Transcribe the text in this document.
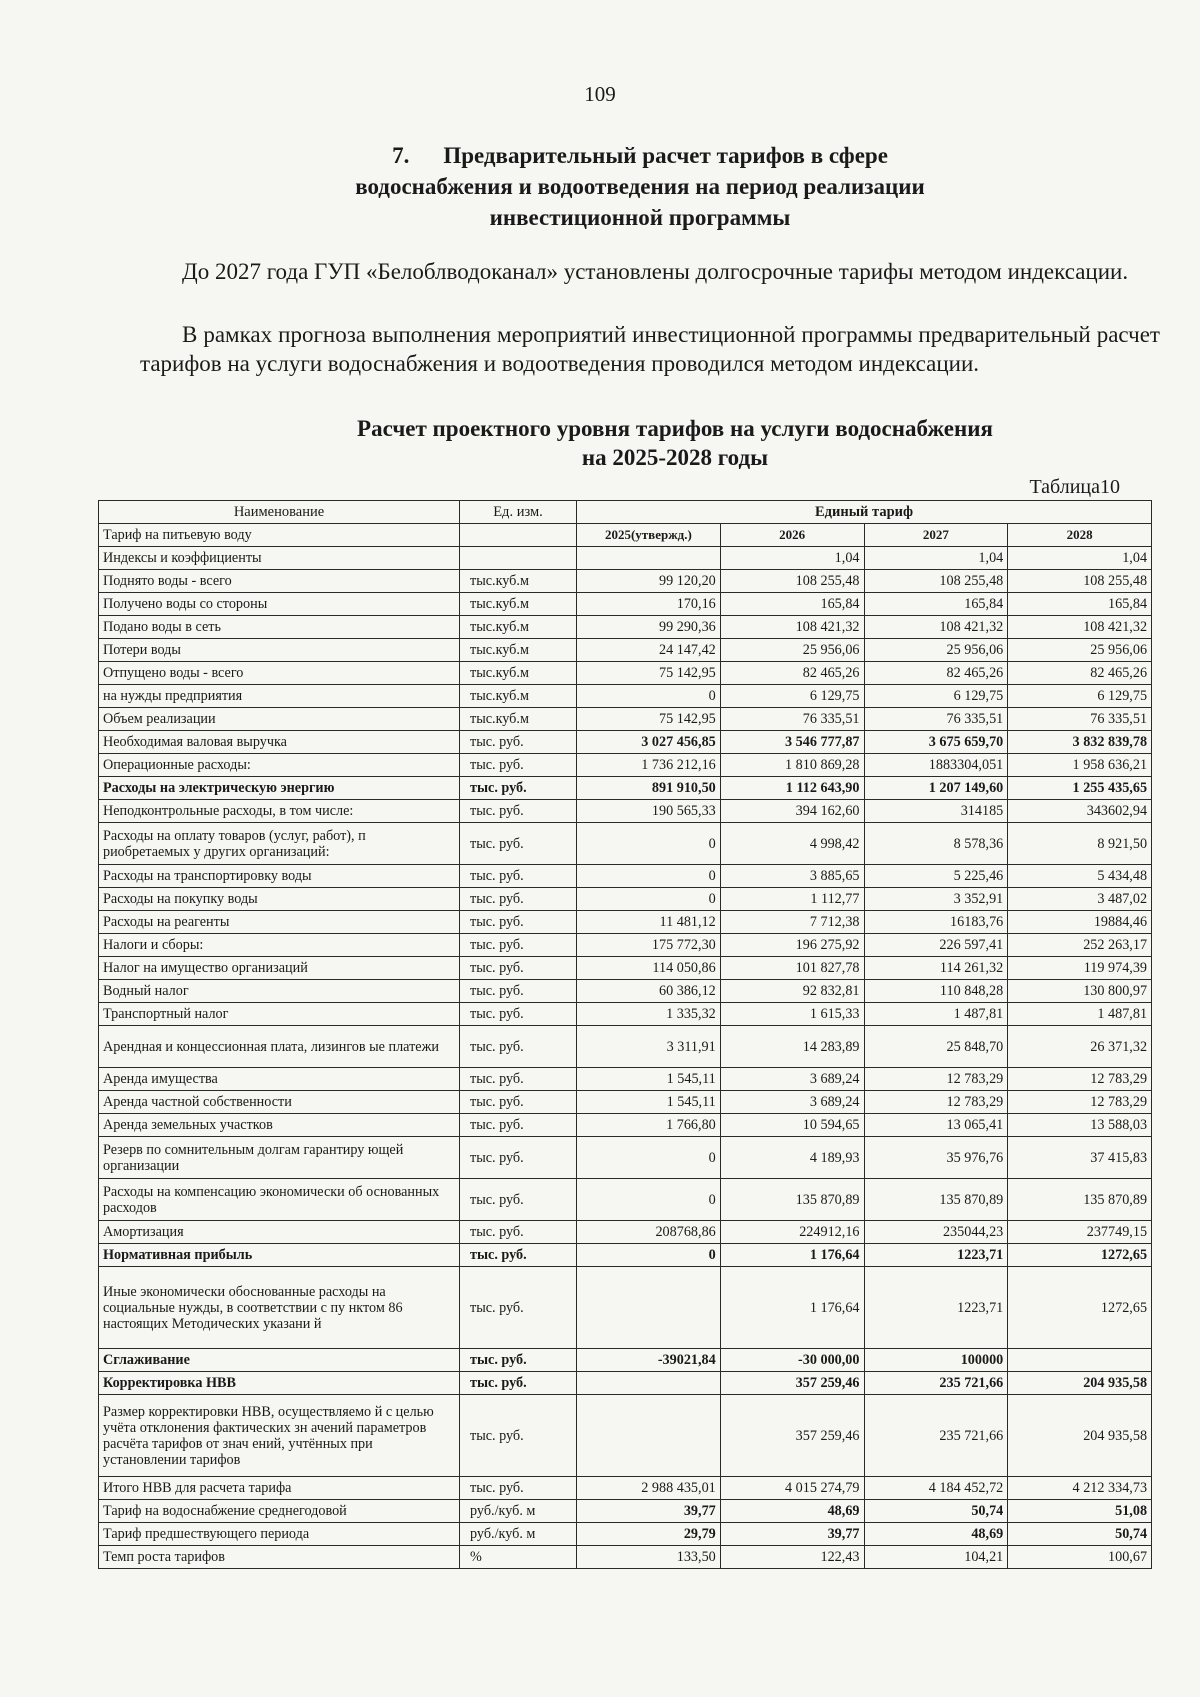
109
7. Предварительный расчет тарифов в сфере
водоснабжения и водоотведения на период реализации
инвестиционной программы

До 2027 года ГУП «Белоблводоканал» установлены долгосрочные тарифы методом индексации.

В рамках прогноза выполнения мероприятий инвестиционной программы предварительный расчет тарифов на услуги водоснабжения и водоотведения проводился методом индексации.

Расчет проектного уровня тарифов на услуги водоснабжения
на 2025-2028 годы
Таблица10
Наименование	Ед. изм.	Единый тариф			
Тариф на питьевую воду		2025(утвержд.)	2026	2027	2028
Индексы и коэффициенты			1,04	1,04	1,04
Поднято воды - всего	тыс.куб.м	99 120,20	108 255,48	108 255,48	108 255,48
Получено воды со стороны	тыс.куб.м	170,16	165,84	165,84	165,84
Подано воды в сеть	тыс.куб.м	99 290,36	108 421,32	108 421,32	108 421,32
Потери воды	тыс.куб.м	24 147,42	25 956,06	25 956,06	25 956,06
Отпущено воды - всего	тыс.куб.м	75 142,95	82 465,26	82 465,26	82 465,26
на нужды предприятия	тыс.куб.м	0	6 129,75	6 129,75	6 129,75
Объем реализации	тыс.куб.м	75 142,95	76 335,51	76 335,51	76 335,51
Необходимая валовая выручка	тыс. руб.	3 027 456,85	3 546 777,87	3 675 659,70	3 832 839,78
Операционные расходы:	тыс. руб.	1 736 212,16	1 810 869,28	1883304,051	1 958 636,21
Расходы на электрическую энергию	тыс. руб.	891 910,50	1 112 643,90	1 207 149,60	1 255 435,65
Неподконтрольные расходы, в том числе:	тыс. руб.	190 565,33	394 162,60	314185	343602,94
Расходы на оплату товаров (услуг, работ), п риобретаемых у других организаций:	тыс. руб.	0	4 998,42	8 578,36	8 921,50
Расходы на транспортировку воды	тыс. руб.	0	3 885,65	5 225,46	5 434,48
Расходы на покупку воды	тыс. руб.	0	1 112,77	3 352,91	3 487,02
Расходы на реагенты	тыс. руб.	11 481,12	7 712,38	16183,76	19884,46
Налоги и сборы:	тыс. руб.	175 772,30	196 275,92	226 597,41	252 263,17
Налог на имущество организаций	тыс. руб.	114 050,86	101 827,78	114 261,32	119 974,39
Водный налог	тыс. руб.	60 386,12	92 832,81	110 848,28	130 800,97
Транспортный налог	тыс. руб.	1 335,32	1 615,33	1 487,81	1 487,81
Арендная и концессионная плата, лизингов ые платежи	тыс. руб.	3 311,91	14 283,89	25 848,70	26 371,32
Аренда имущества	тыс. руб.	1 545,11	3 689,24	12 783,29	12 783,29
Аренда частной собственности	тыс. руб.	1 545,11	3 689,24	12 783,29	12 783,29
Аренда земельных участков	тыс. руб.	1 766,80	10 594,65	13 065,41	13 588,03
Резерв по сомнительным долгам гарантиру ющей организации	тыс. руб.	0	4 189,93	35 976,76	37 415,83
Расходы на компенсацию экономически об основанных расходов	тыс. руб.	0	135 870,89	135 870,89	135 870,89
Амортизация	тыс. руб.	208768,86	224912,16	235044,23	237749,15
Нормативная прибыль	тыс. руб.	0	1 176,64	1223,71	1272,65
Иные экономически обоснованные расходы на социальные нужды, в соответствии с пу нктом 86 настоящих Методических указани й	тыс. руб.		1 176,64	1223,71	1272,65
Сглаживание	тыс. руб.	-39021,84	-30 000,00	100000	
Корректировка НВВ	тыс. руб.		357 259,46	235 721,66	204 935,58
Размер корректировки НВВ, осуществляемо й с целью учёта отклонения фактических зн ачений параметров расчёта тарифов от знач ений, учтённых при установлении тарифов	тыс. руб.		357 259,46	235 721,66	204 935,58
Итого НВВ для расчета тарифа	тыс. руб.	2 988 435,01	4 015 274,79	4 184 452,72	4 212 334,73
Тариф на водоснабжение среднегодовой	руб./куб. м	39,77	48,69	50,74	51,08
Тариф предшествующего периода	руб./куб. м	29,79	39,77	48,69	50,74
Темп роста тарифов	%	133,50	122,43	104,21	100,67
